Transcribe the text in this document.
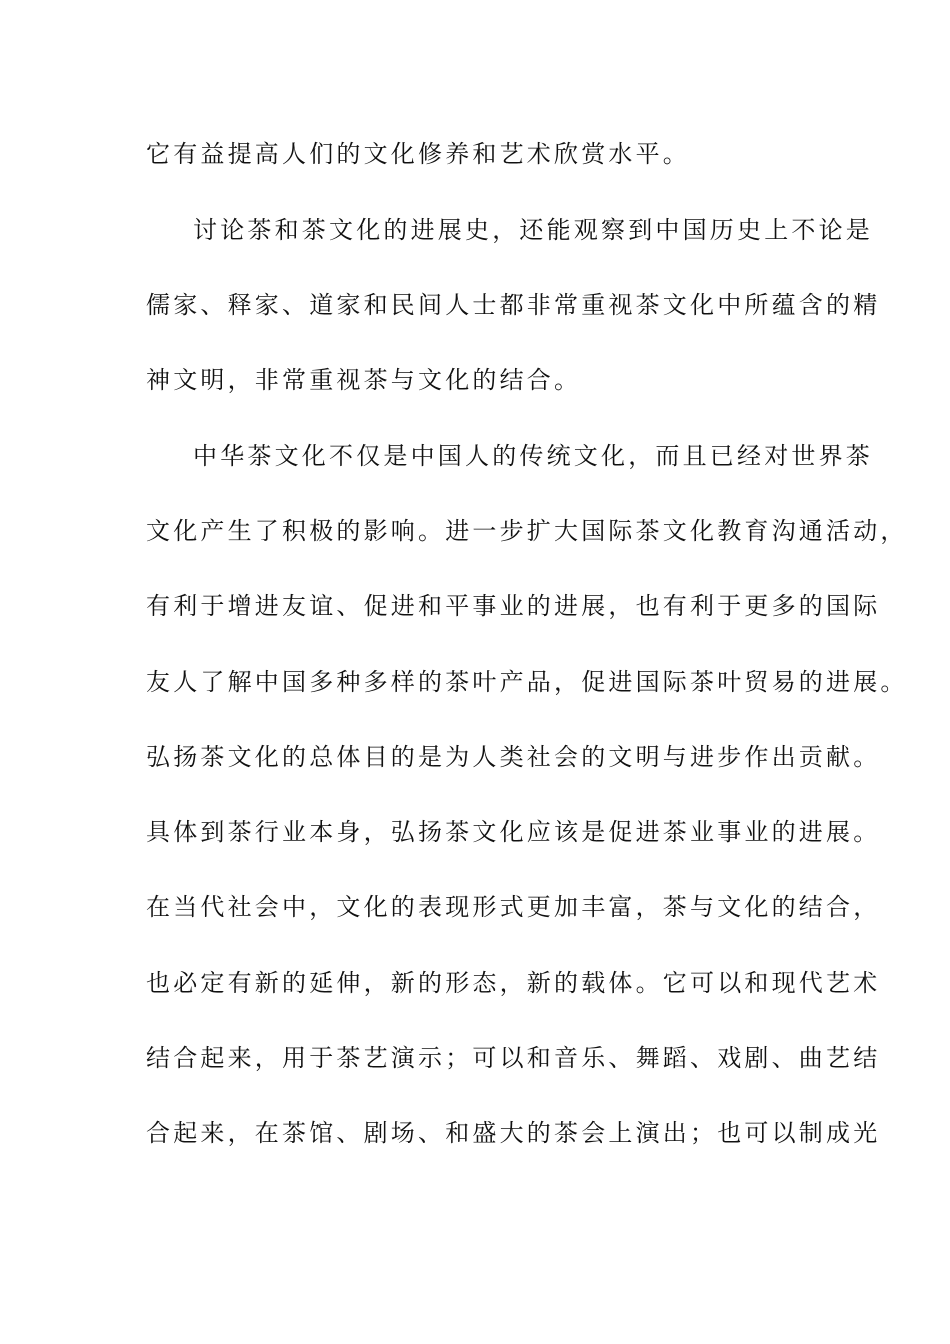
它有益提高人们的文化修养和艺术欣赏水平。
讨论茶和茶文化的进展史，还能观察到中国历史上不论是
儒家、释家、道家和民间人士都非常重视茶文化中所蕴含的精
神文明，非常重视茶与文化的结合。
中华茶文化不仅是中国人的传统文化，而且已经对世界茶
文化产生了积极的影响。进一步扩大国际茶文化教育沟通活动，
有利于增进友谊、促进和平事业的进展，也有利于更多的国际
友人了解中国多种多样的茶叶产品，促进国际茶叶贸易的进展。
弘扬茶文化的总体目的是为人类社会的文明与进步作出贡献。
具体到茶行业本身，弘扬茶文化应该是促进茶业事业的进展。
在当代社会中，文化的表现形式更加丰富，茶与文化的结合，
也必定有新的延伸，新的形态，新的载体。它可以和现代艺术
结合起来，用于茶艺演示；可以和音乐、舞蹈、戏剧、曲艺结
合起来，在茶馆、剧场、和盛大的茶会上演出；也可以制成光
